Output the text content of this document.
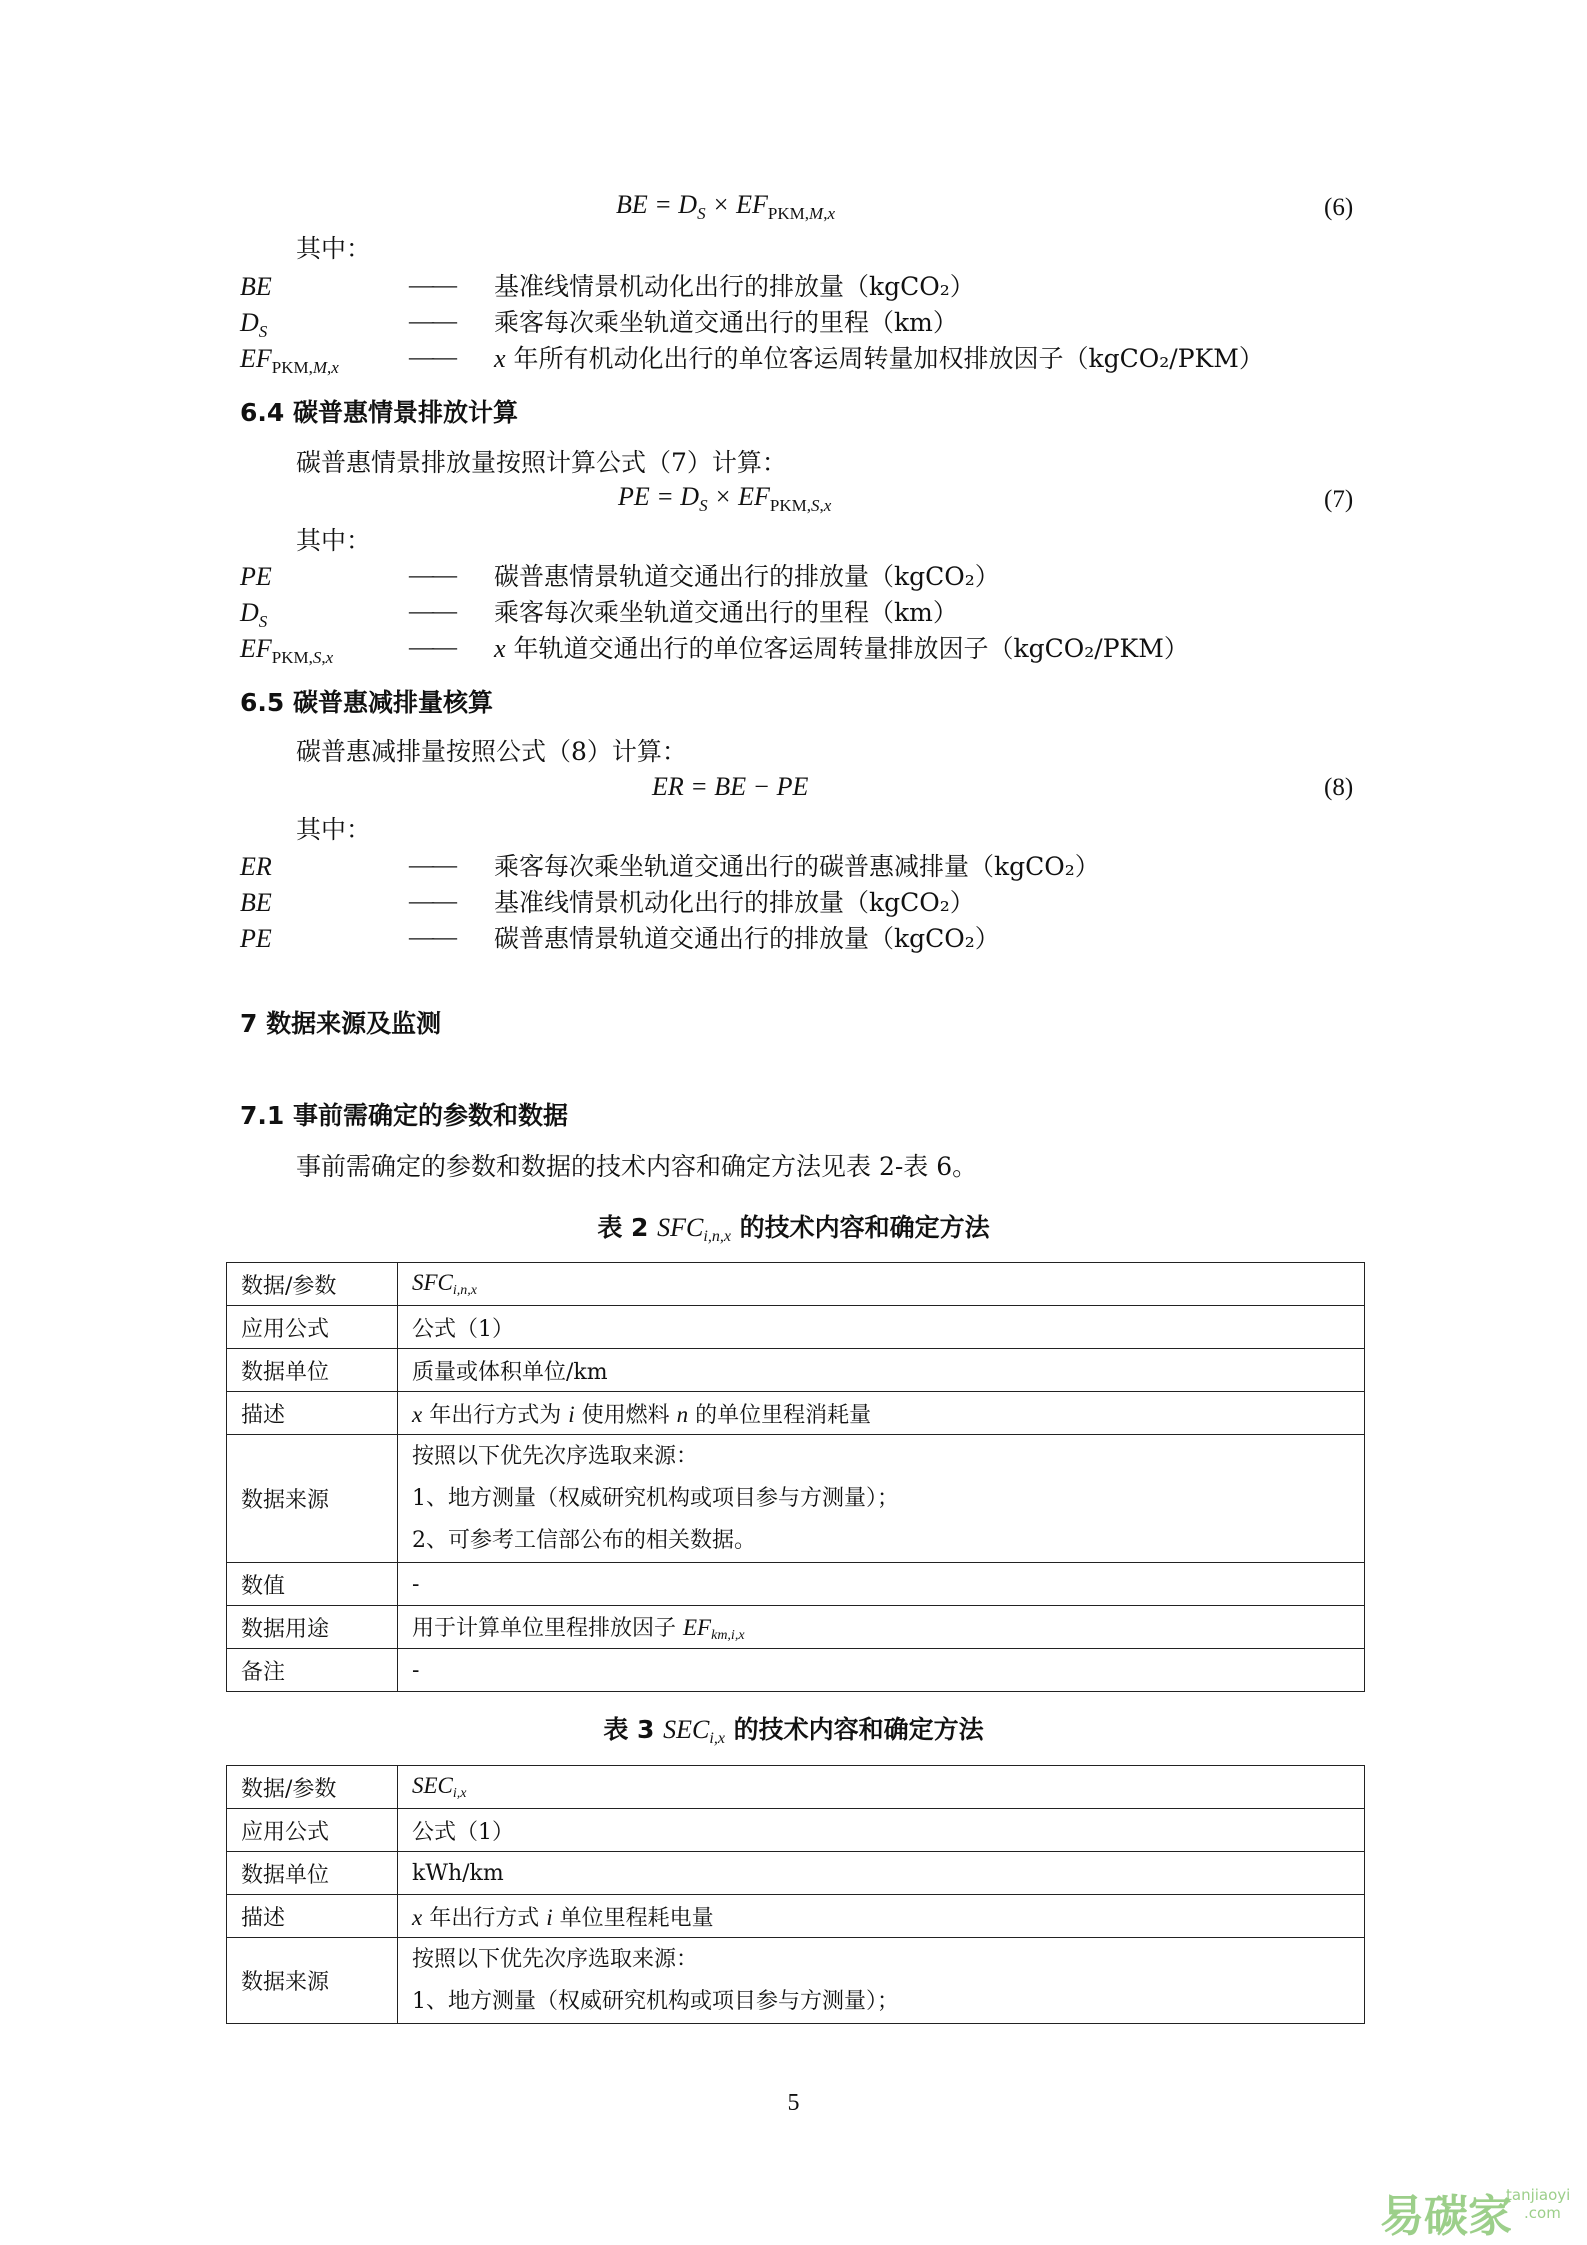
BE = $D_S \times EF_{PKM,M,x}$	(6)
其中：
BE	—— 基准线情景机动化出行的排放量（kgCO₂）
$D_S$	—— 乘客每次乘坐轨道交通出行的里程（km）
$EF_{PKM,M,x}$	—— x 年所有机动化出行的单位客运周转量加权排放因子（kgCO₂/PKM）
6.4 碳普惠情景排放计算
碳普惠情景排放量按照计算公式（7）计算：
PE = $D_S \times EF_{PKM,S,x}$	(7)
其中：
PE	—— 碳普惠情景轨道交通出行的排放量（kgCO₂）
$D_S$	—— 乘客每次乘坐轨道交通出行的里程（km）
$EF_{PKM,S,x}$	—— x 年轨道交通出行的单位客运周转量排放因子（kgCO₂/PKM）
6.5 碳普惠减排量核算
碳普惠减排量按照公式（8）计算：
ER = BE − PE	(8)
其中：
ER	—— 乘客每次乘坐轨道交通出行的碳普惠减排量（kgCO₂）
BE	—— 基准线情景机动化出行的排放量（kgCO₂）
PE	—— 碳普惠情景轨道交通出行的排放量（kgCO₂）
7 数据来源及监测
7.1 事前需确定的参数和数据
事前需确定的参数和数据的技术内容和确定方法见表 2-表 6。
表 2 $SFC_{i,n,x}$ 的技术内容和确定方法
数据/参数	$SFC_{i,n,x}$
应用公式	公式（1）
数据单位	质量或体积单位/km
描述	x 年出行方式为 i 使用燃料 n 的单位里程消耗量
数据来源	按照以下优先次序选取来源：
1、地方测量（权威研究机构或项目参与方测量）；
2、可参考工信部公布的相关数据。

数值	-
数据用途	用于计算单位里程排放因子 $EF_{km,i,x}$
备注	-
表 3 $SEC_{i,x}$ 的技术内容和确定方法
数据/参数	$SEC_{i,x}$
应用公式	公式（1）
数据单位	kWh/km
描述	x 年出行方式 i 单位里程耗电量
数据来源	按照以下优先次序选取来源：
1、地方测量（权威研究机构或项目参与方测量）；
5
易碳家
tanjiaoyi
.com
